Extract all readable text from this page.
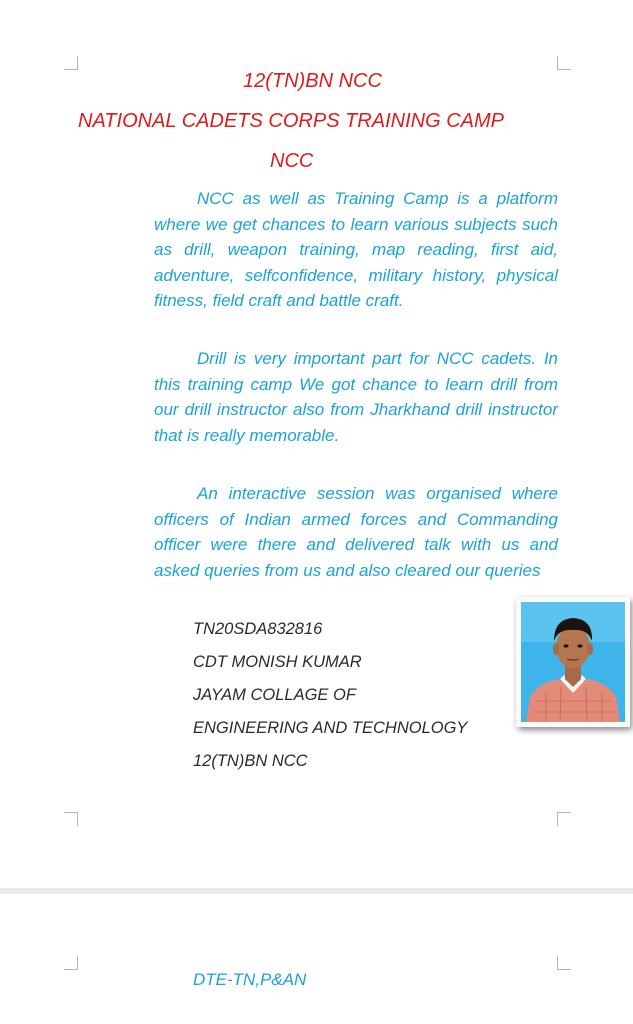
12(TN)BN NCC
NATIONAL CADETS CORPS TRAINING CAMP
NCC

NCC as well as Training Camp is a platform where we get chances to learn various subjects such as drill, weapon training, map reading, first aid, adventure, selfconfidence, military history, physical fitness, field craft and battle craft.

Drill is very important part for NCC cadets. In this training camp We got chance to learn drill from our drill instructor also from Jharkhand drill instructor that is really memorable.

An interactive session was organised where officers of Indian armed forces and Commanding officer were there and delivered talk with us and asked queries from us and also cleared our queries

TN20SDA832816
CDT MONISH KUMAR
JAYAM COLLAGE OF
ENGINEERING AND TECHNOLOGY
12(TN)BN NCC
DTE-TN,P&AN
